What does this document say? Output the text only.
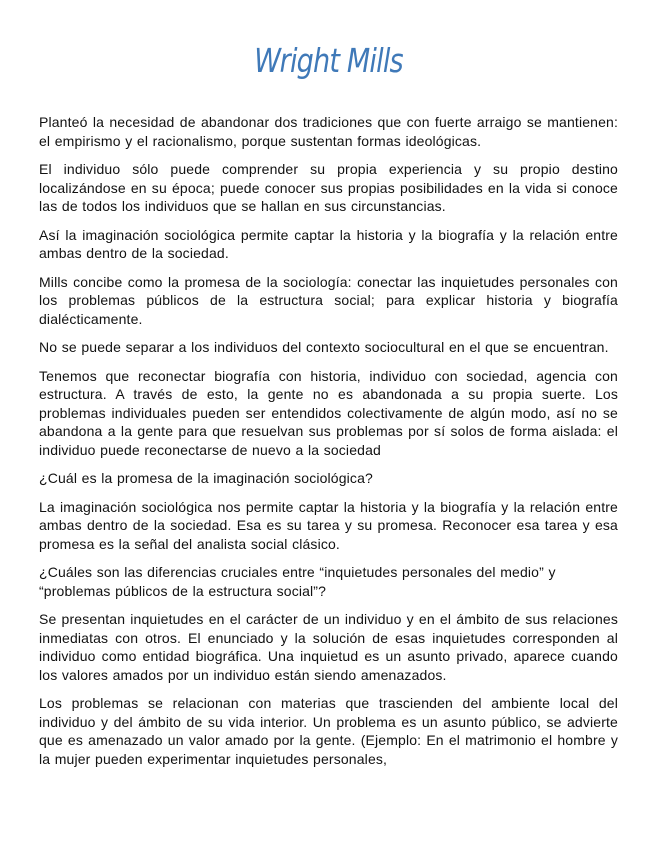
Wright Mills

Planteó la necesidad de abandonar dos tradiciones que con fuerte arraigo se mantienen: el empirismo y el racionalismo, porque sustentan formas ideológicas.

El individuo sólo puede comprender su propia experiencia y su propio destino localizándose en su época; puede conocer sus propias posibilidades en la vida si conoce las de todos los individuos que se hallan en sus circunstancias.

Así la imaginación sociológica permite captar la historia y la biografía y la relación entre ambas dentro de la sociedad.

Mills concibe como la promesa de la sociología: conectar las inquietudes personales con los problemas públicos de la estructura social; para explicar historia y biografía dialécticamente.

No se puede separar a los individuos del contexto sociocultural en el que se encuentran.

Tenemos que reconectar biografía con historia, individuo con sociedad, agencia con estructura. A través de esto, la gente no es abandonada a su propia suerte. Los problemas individuales pueden ser entendidos colectivamente de algún modo, así no se abandona a la gente para que resuelvan sus problemas por sí solos de forma aislada: el individuo puede reconectarse de nuevo a la sociedad

¿Cuál es la promesa de la imaginación sociológica?

La imaginación sociológica nos permite captar la historia y la biografía y la relación entre ambas dentro de la sociedad. Esa es su tarea y su promesa. Reconocer esa tarea y esa promesa es la señal del analista social clásico.

¿Cuáles son las diferencias cruciales entre “inquietudes personales del medio” y “problemas públicos de la estructura social”?

Se presentan inquietudes en el carácter de un individuo y en el ámbito de sus relaciones inmediatas con otros. El enunciado y la solución de esas inquietudes corresponden al individuo como entidad biográfica. Una inquietud es un asunto privado, aparece cuando los valores amados por un individuo están siendo amenazados.

Los problemas se relacionan con materias que trascienden del ambiente local del individuo y del ámbito de su vida interior. Un problema es un asunto público, se advierte que es amenazado un valor amado por la gente. (Ejemplo: En el matrimonio el hombre y la mujer pueden experimentar inquietudes personales,
